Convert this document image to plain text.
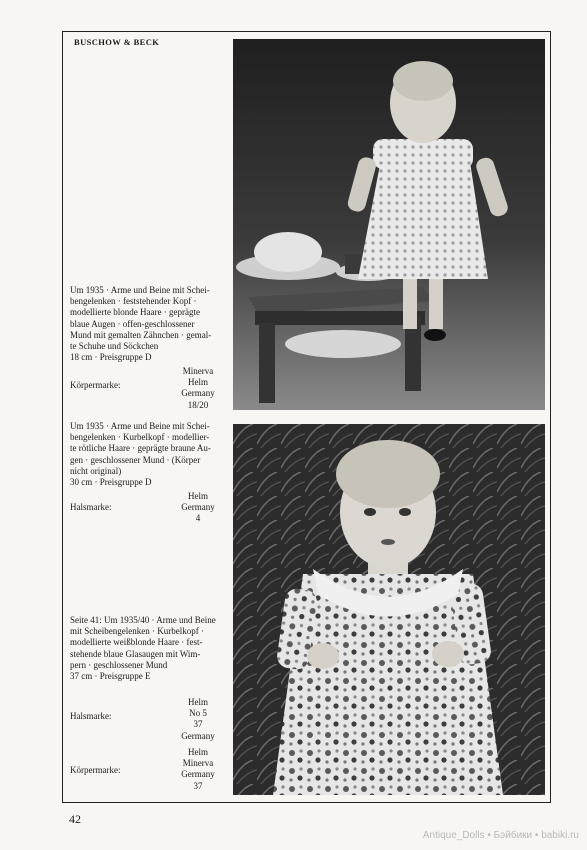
BUSCHOW & BECK
Um 1935 · Arme und Beine mit Schei-
bengelenken · feststehender Kopf ·
modellierte blonde Haare · geprägte
blaue Augen · offen-geschlossener
Mund mit gemalten Zähnchen · gemal-
te Schuhe und Söckchen
18 cm · Preisgruppe D
Körpermarke:
Minerva
Helm
Germany
18/20
Um 1935 · Arme und Beine mit Schei-
bengelenken · Kurbelkopf · modellier-
te rötliche Haare · geprägte braune Au-
gen · geschlossener Mund · (Körper
nicht original)
30 cm · Preisgruppe D
Halsmarke:
Helm
Germany
4
Seite 41: Um 1935/40 · Arme und Beine
mit Scheibengelenken · Kurbelkopf ·
modellierte weißblonde Haare · fest-
stehende blaue Glasaugen mit Wim-
pern · geschlossener Mund
37 cm · Preisgruppe E
Halsmarke:
Helm
No 5
37
Germany
Körpermarke:
Helm
Minerva
Germany
37
42
Antique_Dolls • Бэйбики • babiki.ru
